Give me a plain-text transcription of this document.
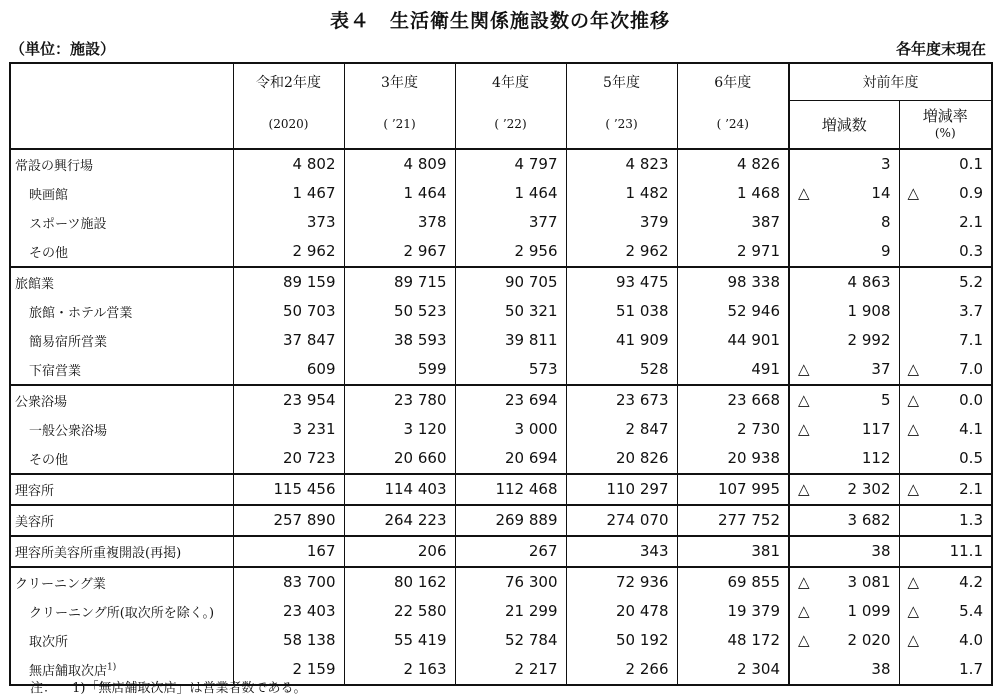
表４　生活衛生関係施設数の年次推移
（単位：施設）	各年度末現在
	令和2年度	3年度	4年度	5年度	6年度	対前年度	
	(2020)	( ’21)	( ’22)	( ’23)	( ’24)	増減数	増減率
(%)

常設の興行場	4 802	4 809	4 797	4 823	4 826	3	0.1
映画館	1 467	1 464	1 464	1 482	1 468	△ 14	△ 0.9
スポーツ施設	373	378	377	379	387	8	2.1
その他	2 962	2 967	2 956	2 962	2 971	9	0.3
旅館業	89 159	89 715	90 705	93 475	98 338	4 863	5.2
旅館・ホテル営業	50 703	50 523	50 321	51 038	52 946	1 908	3.7
簡易宿所営業	37 847	38 593	39 811	41 909	44 901	2 992	7.1
下宿営業	609	599	573	528	491	△ 37	△ 7.0
公衆浴場	23 954	23 780	23 694	23 673	23 668	△ 5	△ 0.0
一般公衆浴場	3 231	3 120	3 000	2 847	2 730	△ 117	△ 4.1
その他	20 723	20 660	20 694	20 826	20 938	112	0.5
理容所	115 456	114 403	112 468	110 297	107 995	△ 2 302	△ 2.1
美容所	257 890	264 223	269 889	274 070	277 752	3 682	1.3
理容所美容所重複開設(再掲)	167	206	267	343	381	38	11.1
クリーニング業	83 700	80 162	76 300	72 936	69 855	△ 3 081	△ 4.2
クリーニング所(取次所を除く。)	23 403	22 580	21 299	20 478	19 379	△ 1 099	△ 5.4
取次所	58 138	55 419	52 784	50 192	48 172	△ 2 020	△ 4.0
無店舗取次店$^{1)}$	2 159	2 163	2 217	2 266	2 304	38	1.7
注： 1)「無店舗取次店」は営業者数である。
